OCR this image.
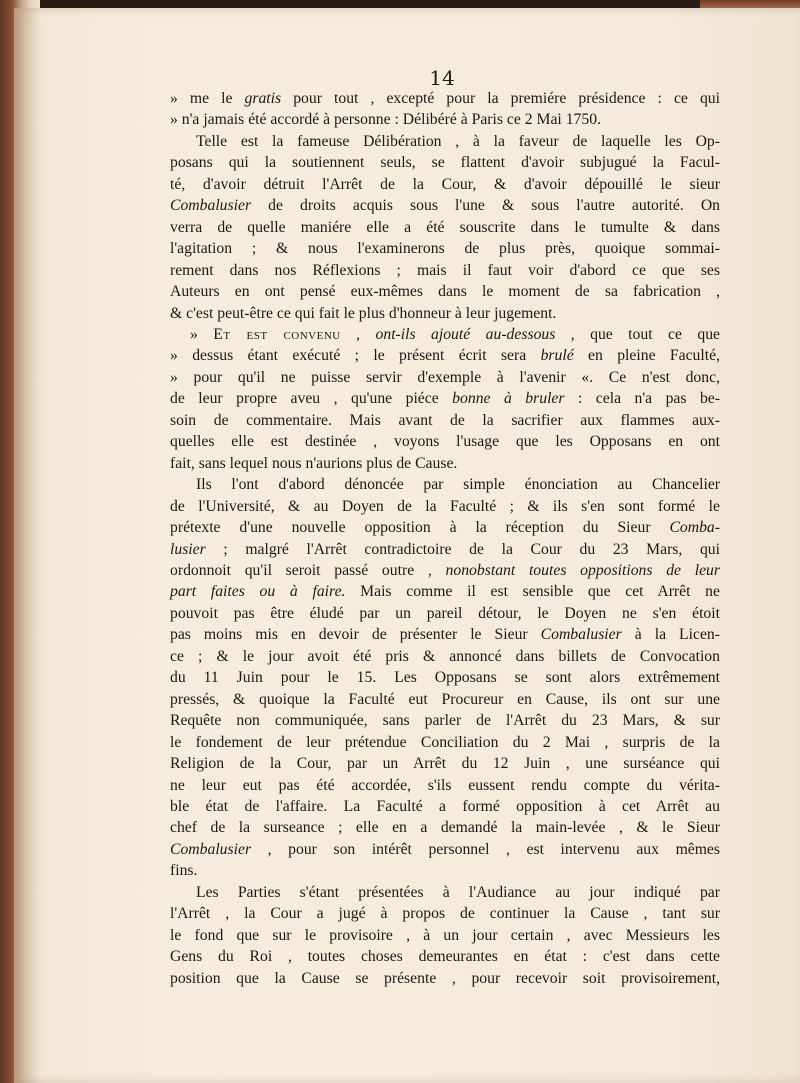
14
» me le gratis pour tout , excepté pour la premiére présidence : ce qui
» n'a jamais été accordé à personne : Délibéré à Paris ce 2 Mai 1750.
Telle est la fameuse Délibération , à la faveur de laquelle les Op-
posans qui la soutiennent seuls, se flattent d'avoir subjugué la Facul-
té, d'avoir détruit l'Arrêt de la Cour, & d'avoir dépouillé le sieur
Combalusier de droits acquis sous l'une & sous l'autre autorité. On
verra de quelle maniére elle a été souscrite dans le tumulte & dans
l'agitation ; & nous l'examinerons de plus près, quoique sommai-
rement dans nos Réflexions ; mais il faut voir d'abord ce que ses
Auteurs en ont pensé eux-mêmes dans le moment de sa fabrication ,
& c'est peut-être ce qui fait le plus d'honneur à leur jugement.
» Et est convenu , ont-ils ajouté au-dessous , que tout ce que
» dessus étant exécuté ; le présent écrit sera brulé en pleine Faculté,
» pour qu'il ne puisse servir d'exemple à l'avenir «. Ce n'est donc,
de leur propre aveu , qu'une piéce bonne à bruler : cela n'a pas be-
soin de commentaire. Mais avant de la sacrifier aux flammes aux-
quelles elle est destinée , voyons l'usage que les Opposans en ont
fait, sans lequel nous n'aurions plus de Cause.
Ils l'ont d'abord dénoncée par simple énonciation au Chancelier
de l'Université, & au Doyen de la Faculté ; & ils s'en sont formé le
prétexte d'une nouvelle opposition à la réception du Sieur Comba-
lusier ; malgré l'Arrêt contradictoire de la Cour du 23 Mars, qui
ordonnoit qu'il seroit passé outre , nonobstant toutes oppositions de leur
part faites ou à faire. Mais comme il est sensible que cet Arrêt ne
pouvoit pas être éludé par un pareil détour, le Doyen ne s'en étoit
pas moins mis en devoir de présenter le Sieur Combalusier à la Licen-
ce ; & le jour avoit été pris & annoncé dans billets de Convocation
du 11 Juin pour le 15. Les Opposans se sont alors extrêmement
pressés, & quoique la Faculté eut Procureur en Cause, ils ont sur une
Requête non communiquée, sans parler de l'Arrêt du 23 Mars, & sur
le fondement de leur prétendue Conciliation du 2 Mai , surpris de la
Religion de la Cour, par un Arrêt du 12 Juin , une surséance qui
ne leur eut pas été accordée, s'ils eussent rendu compte du vérita-
ble état de l'affaire. La Faculté a formé opposition à cet Arrêt au
chef de la surseance ; elle en a demandé la main-levée , & le Sieur
Combalusier , pour son intérêt personnel , est intervenu aux mêmes
fins.
Les Parties s'étant présentées à l'Audiance au jour indiqué par
l'Arrêt , la Cour a jugé à propos de continuer la Cause , tant sur
le fond que sur le provisoire , à un jour certain , avec Messieurs les
Gens du Roi , toutes choses demeurantes en état : c'est dans cette
position que la Cause se présente , pour recevoir soit provisoirement,
